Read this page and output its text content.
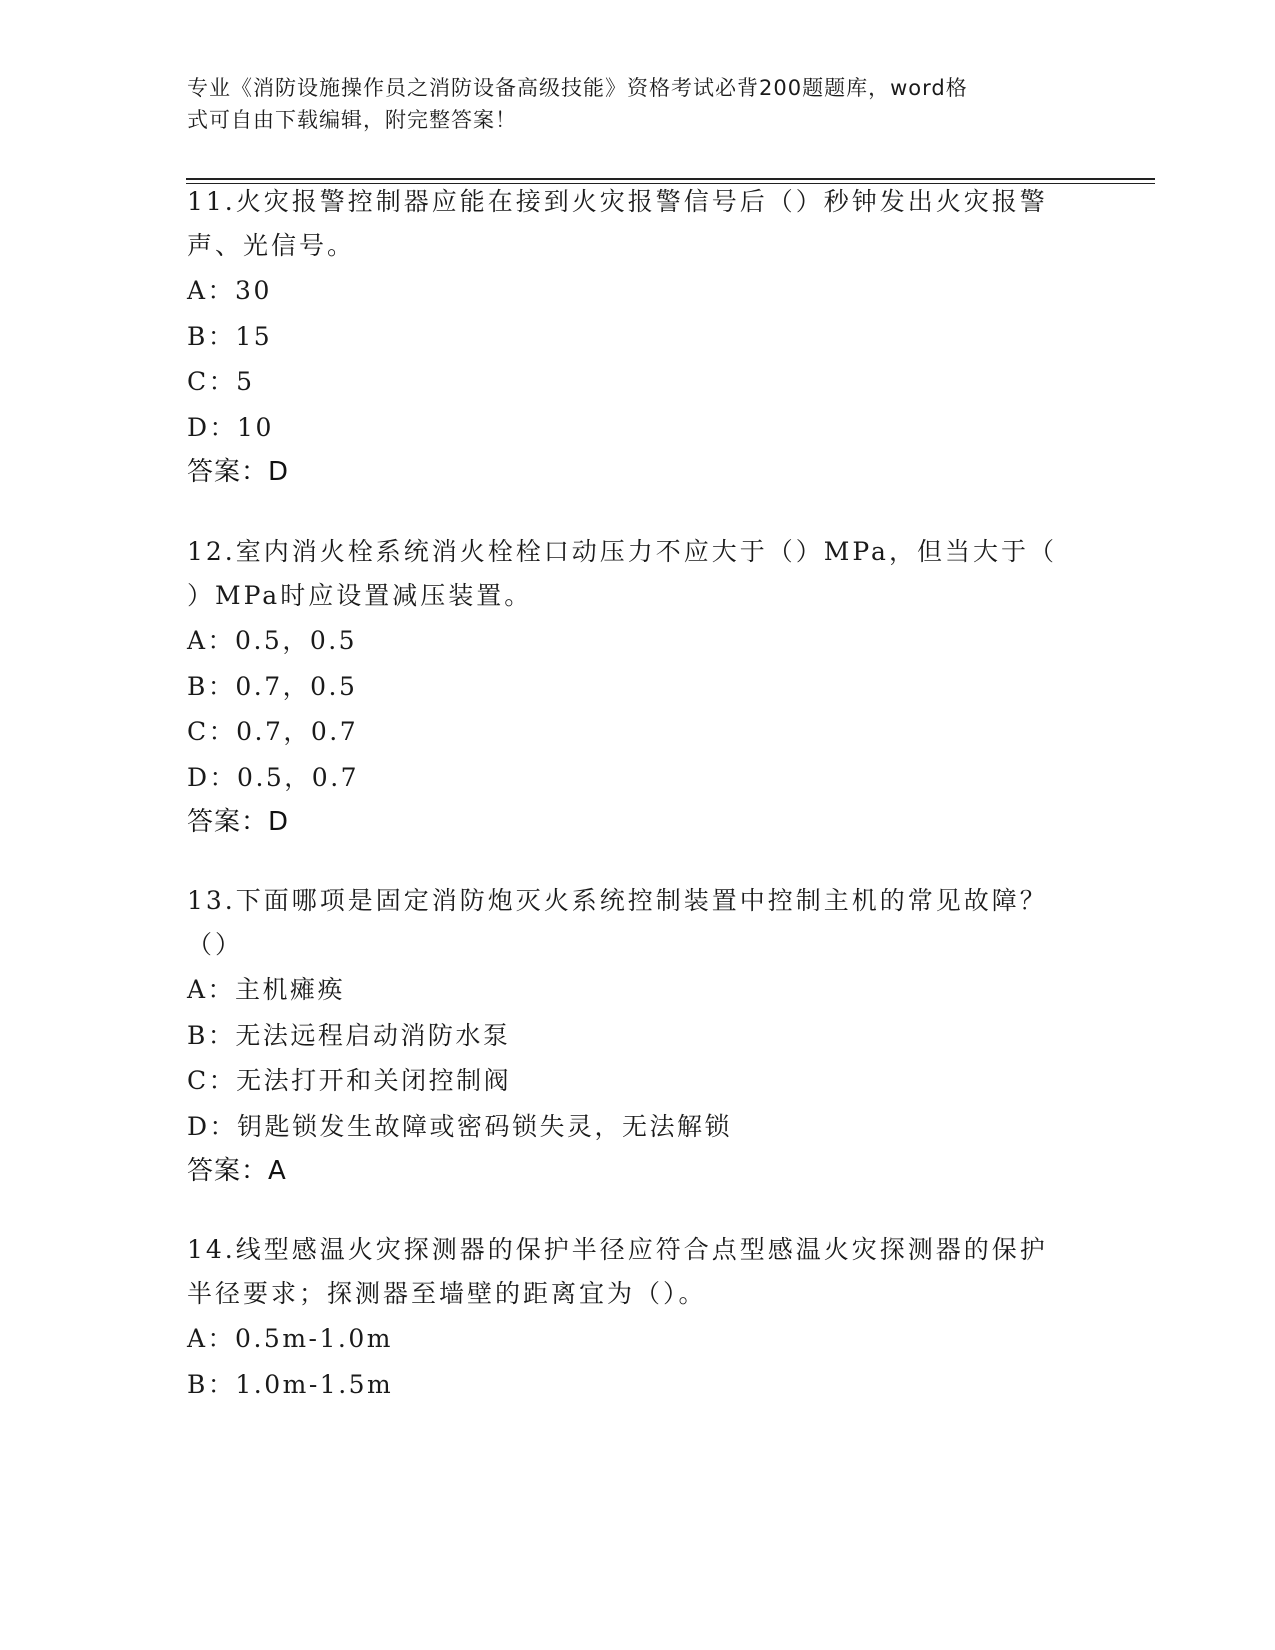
专业《消防设施操作员之消防设备高级技能》资格考试必背200题题库，word格
式可自由下载编辑，附完整答案！
11.火灾报警控制器应能在接到火灾报警信号后（）秒钟发出火灾报警
声、光信号。
A：30
B：15
C：5
D：10
答案：D
12.室内消火栓系统消火栓栓口动压力不应大于（）MPa，但当大于（
）MPa时应设置减压装置。
A：0.5，0.5
B：0.7，0.5
C：0.7，0.7
D：0.5，0.7
答案：D
13.下面哪项是固定消防炮灭火系统控制装置中控制主机的常见故障？
（）
A：主机瘫痪
B：无法远程启动消防水泵
C：无法打开和关闭控制阀
D：钥匙锁发生故障或密码锁失灵，无法解锁
答案：A
14.线型感温火灾探测器的保护半径应符合点型感温火灾探测器的保护
半径要求；探测器至墙壁的距离宜为（）。
A：0.5m-1.0m
B：1.0m-1.5m
